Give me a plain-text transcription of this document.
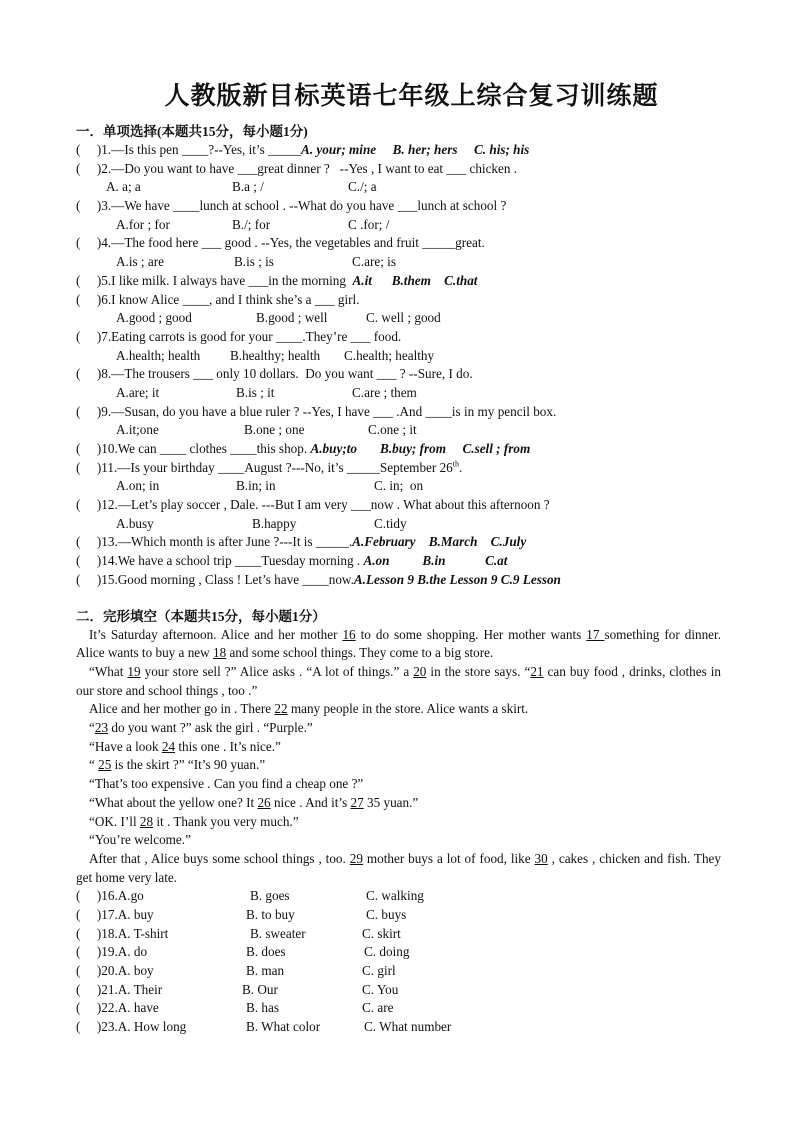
人教版新目标英语七年级上综合复习训练题
一．单项选择(本题共15分，每小题1分)
(     )1.—Is this pen ____?--Yes, it’s _____A. your; mine     B. her; hers     C. his; his
(     )2.—Do you want to have ___great dinner ?   --Yes , I want to eat ___ chicken .
A. a; a	B.a ; /	C./; a
(     )3.—We have ____lunch at school . --What do you have ___lunch at school ?
A.for ; for	B./; for	C .for; /
(     )4.—The food here ___ good . --Yes, the vegetables and fruit _____great.
A.is ; are	B.is ; is	C.are; is
(     )5.I like milk. I always have ___in the morning  A.it      B.them    C.that
(     )6.I know Alice ____, and I think she’s a ___ girl.
A.good ; good	B.good ; well	C. well ; good
(     )7.Eating carrots is good for your ____.They’re ___ food.
A.health; health B.healthy; health C.health; healthy
(     )8.—The trousers ___ only 10 dollars.  Do you want ___ ? --Sure, I do.
A.are; it	B.is ; it	C.are ; them
(     )9.—Susan, do you have a blue ruler ? --Yes, I have ___ .And ____is in my pencil box.
A.it;one	B.one ; one	C.one ; it
(     )10.We can ____ clothes ____this shop. A.buy;to       B.buy; from     C.sell ; from
(     )11.—Is your birthday ____August ?---No, it’s _____September 26th.
A.on; in	B.in; in	C. in;  on
(     )12.—Let’s play soccer , Dale. ---But I am very ___now . What about this afternoon ?
A.busy	B.happy	C.tidy
(     )13.—Which month is after June ?---It is _____.A.February    B.March    C.July
(     )14.We have a school trip ____Tuesday morning . A.on          B.in            C.at
(     )15.Good morning , Class ! Let’s have ____now.A.Lesson 9 B.the Lesson 9 C.9 Lesson
二．完形填空（本题共15分，每小题1分）

It’s Saturday afternoon. Alice and her mother 16 to do some shopping. Her mother wants 17 something for dinner. Alice wants to buy a new 18 and some school things. They come to a big store.

“What 19 your store sell ?” Alice asks . “A lot of things.” a 20 in the store says. “21 can buy food , drinks, clothes in our store and school things , too .”

Alice and her mother go in . There 22 many people in the store. Alice wants a skirt.

“23 do you want ?” ask the girl . “Purple.”

“Have a look 24 this one . It’s nice.”

“ 25 is the skirt ?” “It’s 90 yuan.”

“That’s too expensive . Can you find a cheap one ?”

“What about the yellow one? It 26 nice . And it’s 27 35 yuan.”

“OK. I’ll 28 it . Thank you very much.”

“You’re welcome.”

After that , Alice buys some school things , too. 29 mother buys a lot of food, like 30 , cakes , chicken and fish. They get home very late.

(     )16.A.go	B. goes	C. walking
(     )17.A. buy	B. to buy	C. buys
(     )18.A. T-shirt	B. sweater	C. skirt
(     )19.A. do	B. does	C. doing
(     )20.A. boy	B. man	C. girl
(     )21.A. Their	B. Our	C. You
(     )22.A. have	B. has	C. are
(     )23.A. How long	B. What color	C. What number
